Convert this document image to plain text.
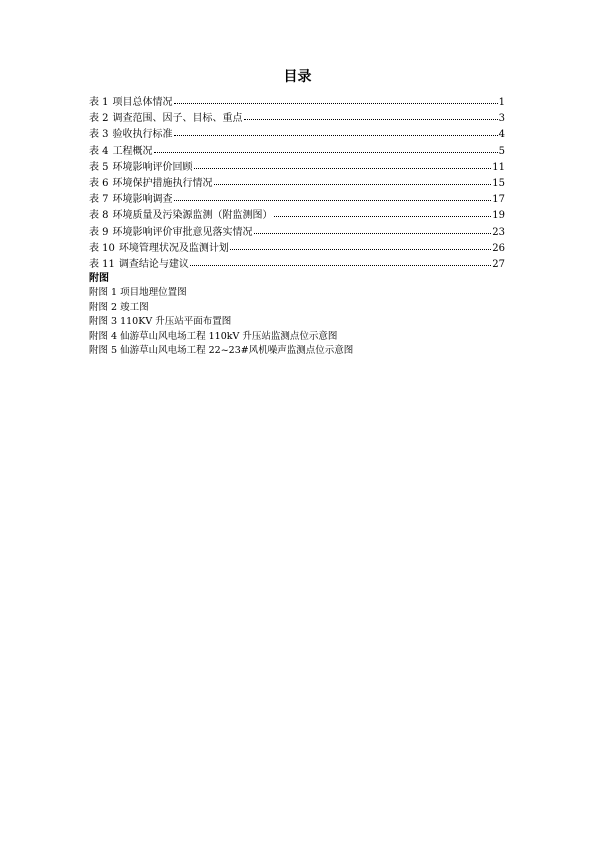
目录
表 1 项目总体情况	1
表 2 调查范围、因子、目标、重点	3
表 3 验收执行标准	4
表 4 工程概况	5
表 5 环境影响评价回顾	11
表 6 环境保护措施执行情况	15
表 7 环境影响调查	17
表 8 环境质量及污染源监测（附监测图）	19
表 9 环境影响评价审批意见落实情况	23
表 10 环境管理状况及监测计划	26
表 11 调查结论与建议	27
附图
附图 1 项目地理位置图
附图 2 竣工图
附图 3 110KV 升压站平面布置图
附图 4 仙游草山风电场工程 110kV 升压站监测点位示意图
附图 5 仙游草山风电场工程 22~23#风机噪声监测点位示意图
